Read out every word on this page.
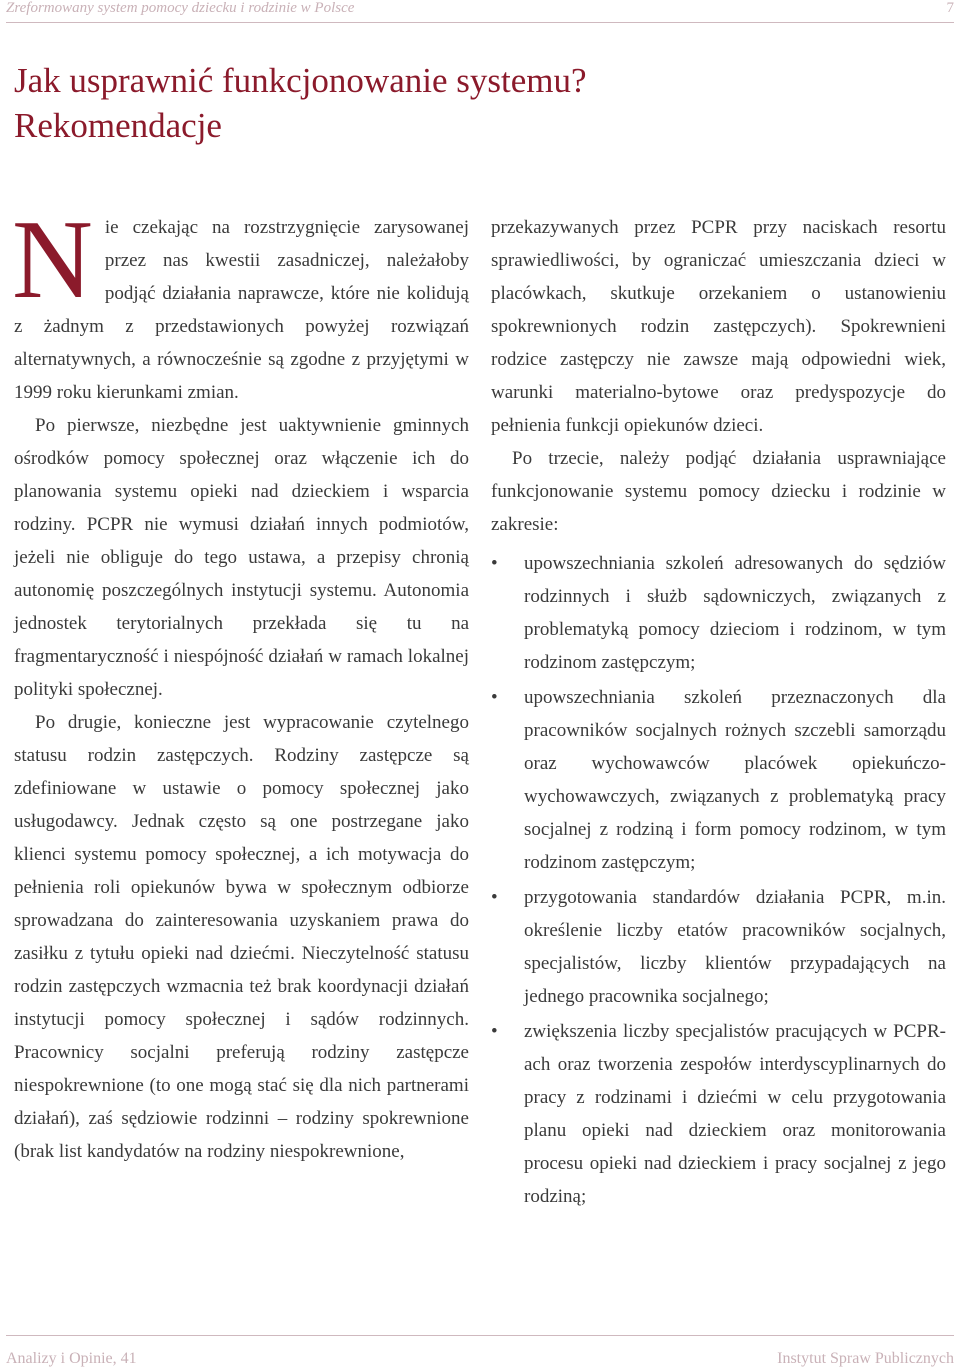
Zreformowany system pomocy dziecku i rodzinie w Polsce	7
Jak usprawnić funkcjonowanie systemu? Rekomendacje

Nie czekając na rozstrzygnięcie zarysowanej przez nas kwestii zasadniczej, należałoby podjąć działania naprawcze, które nie kolidują z żadnym z przedstawionych powyżej rozwiązań alternatywnych, a równocześnie są zgodne z przyjętymi w 1999 roku kierunkami zmian.

Po pierwsze, niezbędne jest uaktywnienie gminnych ośrodków pomocy społecznej oraz włączenie ich do planowania systemu opieki nad dzieckiem i wsparcia rodziny. PCPR nie wymusi działań innych podmiotów, jeżeli nie obliguje do tego ustawa, a przepisy chronią autonomię poszczególnych instytucji systemu. Autonomia jednostek terytorialnych przekłada się tu na fragmentaryczność i niespójność działań w ramach lokalnej polityki społecznej.

Po drugie, konieczne jest wypracowanie czytelnego statusu rodzin zastępczych. Rodziny zastępcze są zdefiniowane w ustawie o pomocy społecznej jako usługodawcy. Jednak często są one postrzegane jako klienci systemu pomocy społecznej, a ich motywacja do pełnienia roli opiekunów bywa w społecznym odbiorze sprowadzana do zainteresowania uzyskaniem prawa do zasiłku z tytułu opieki nad dziećmi. Nieczytelność statusu rodzin zastępczych wzmacnia też brak koordynacji działań instytucji pomocy społecznej i sądów rodzinnych. Pracownicy socjalni preferują rodziny zastępcze niespokrewnione (to one mogą stać się dla nich partnerami działań), zaś sędziowie rodzinni – rodziny spokrewnione (brak list kandydatów na rodziny niespokrewnione,

przekazywanych przez PCPR przy naciskach resortu sprawiedliwości, by ograniczać umieszczania dzieci w placówkach, skutkuje orzekaniem o ustanowieniu spokrewnionych rodzin zastępczych). Spokrewnieni rodzice zastępczy nie zawsze mają odpowiedni wiek, warunki materialno-bytowe oraz predyspozycje do pełnienia funkcji opiekunów dzieci.

Po trzecie, należy podjąć działania usprawniające funkcjonowanie systemu pomocy dziecku i rodzinie w zakresie:

• upowszechniania szkoleń adresowanych do sędziów rodzinnych i służb sądowniczych, związanych z problematyką pomocy dzieciom i rodzinom, w tym rodzinom zastępczym;
• upowszechniania szkoleń przeznaczonych dla pracowników socjalnych rożnych szczebli samorządu oraz wychowawców placówek opiekuńczo-wychowawczych, związanych z problematyką pracy socjalnej z rodziną i form pomocy rodzinom, w tym rodzinom zastępczym;
• przygotowania standardów działania PCPR, m.in. określenie liczby etatów pracowników socjalnych, specjalistów, liczby klientów przypadających na jednego pracownika socjalnego;
• zwiększenia liczby specjalistów pracujących w PCPR-ach oraz tworzenia zespołów interdyscyplinarnych do pracy z rodzinami i dziećmi w celu przygotowania planu opieki nad dzieckiem oraz monitorowania procesu opieki nad dzieckiem i pracy socjalnej z jego rodziną;
Analizy i Opinie, 41	Instytut Spraw Publicznych
